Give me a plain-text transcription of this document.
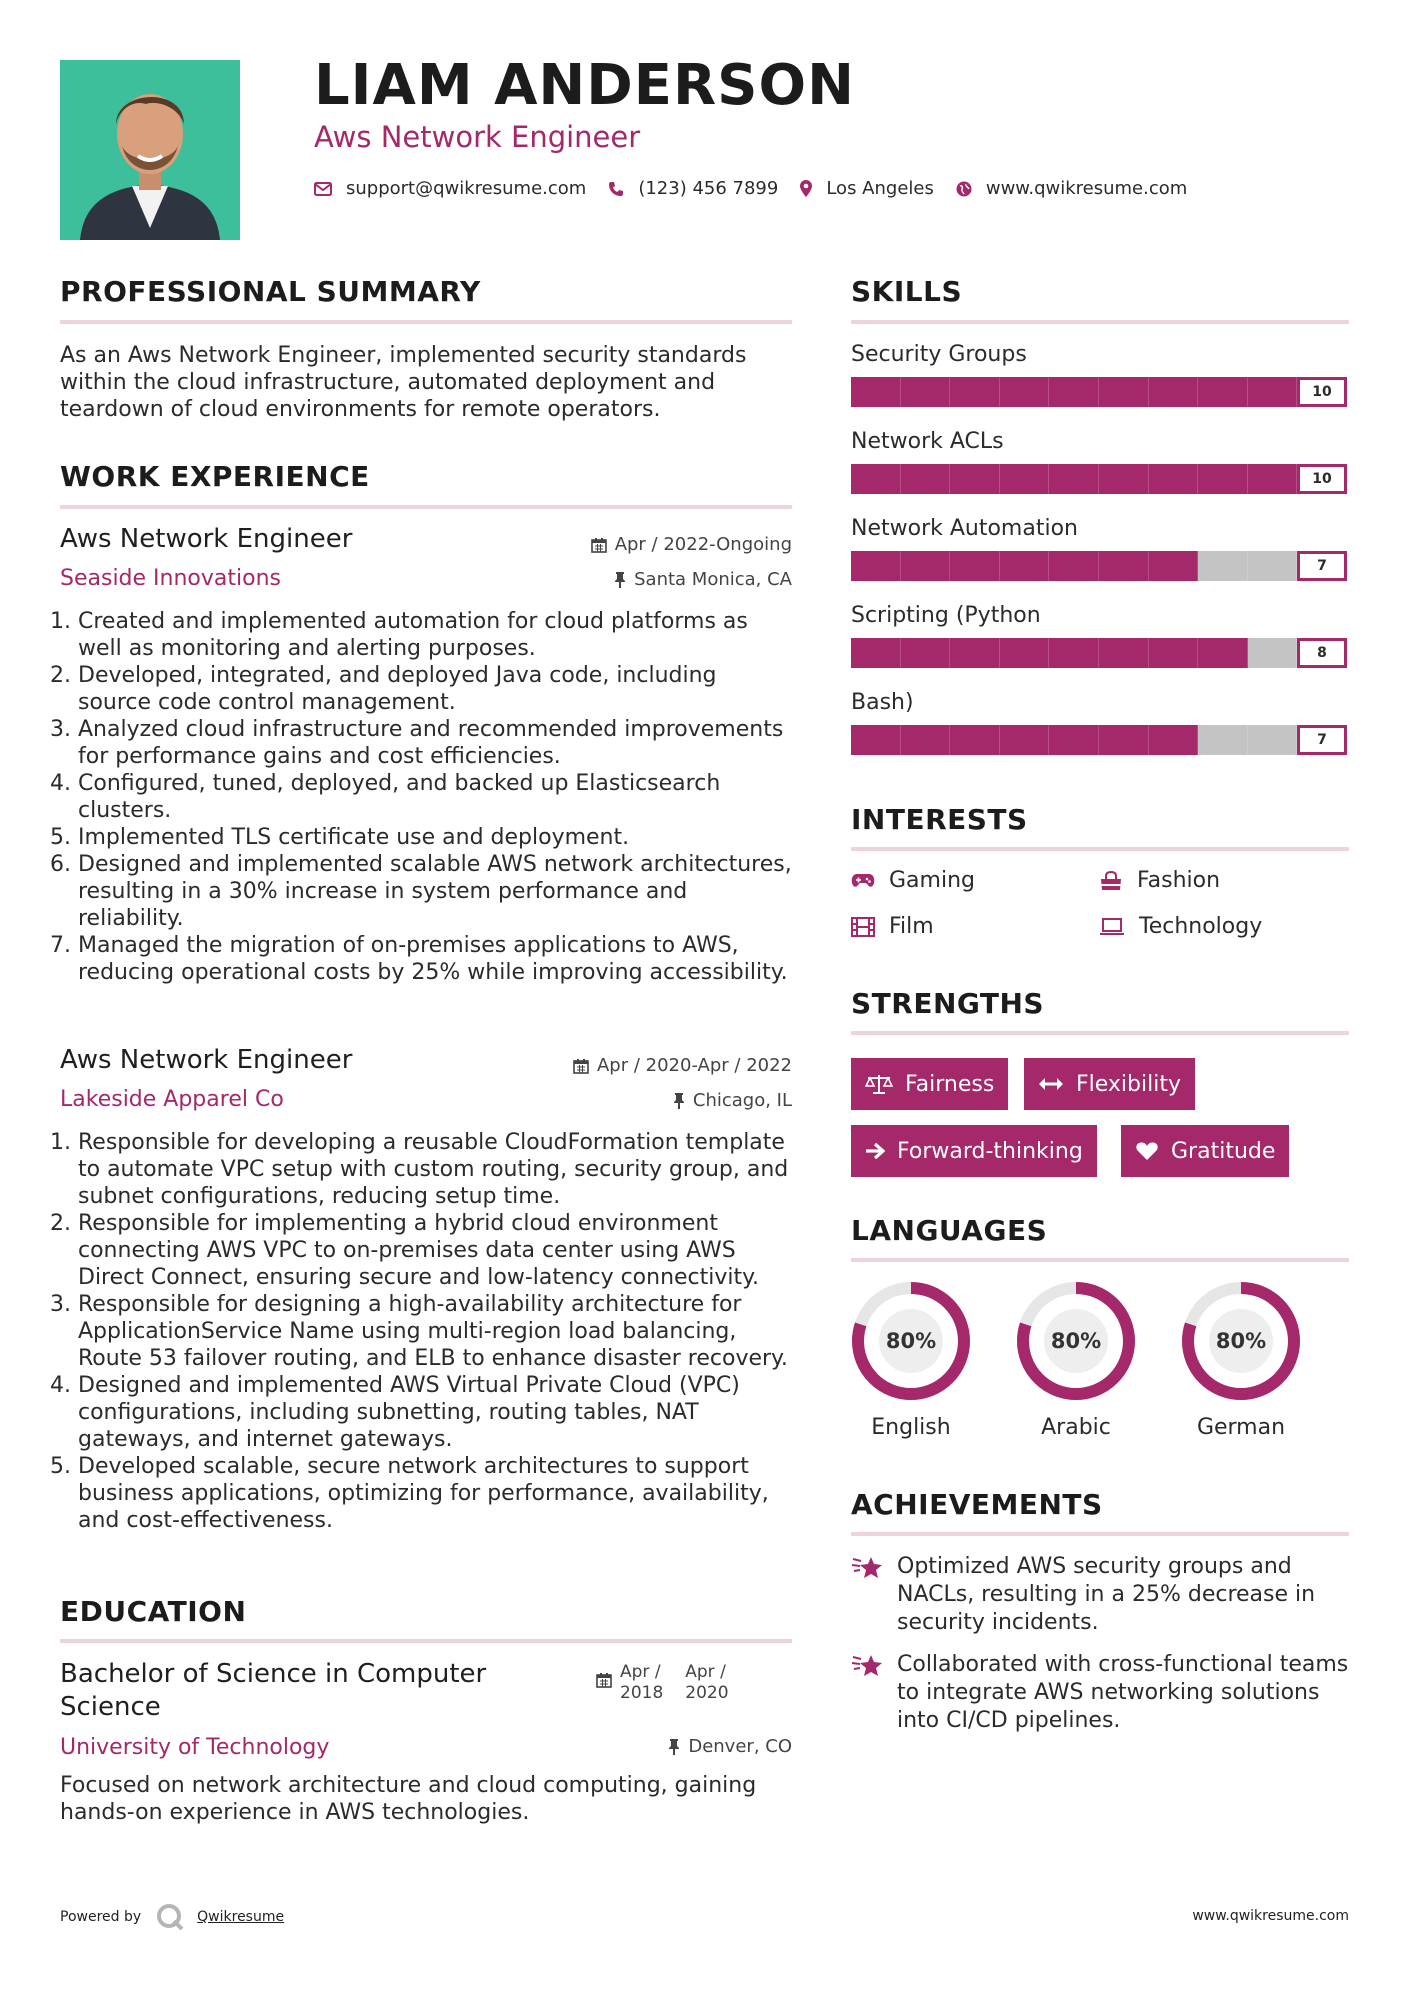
LIAM ANDERSON
Aws Network Engineer
support@qwikresume.com	(123) 456 7899	Los Angeles	www.qwikresume.com
PROFESSIONAL SUMMARY
As an Aws Network Engineer, implemented security standards within the cloud infrastructure, automated deployment and teardown of cloud environments for remote operators.
WORK EXPERIENCE
Aws Network Engineer
Seaside Innovations
Apr / 2022-Ongoing
Santa Monica, CA
1. Created and implemented automation for cloud platforms as well as monitoring and alerting purposes.
2. Developed, integrated, and deployed Java code, including source code control management.
3. Analyzed cloud infrastructure and recommended improvements for performance gains and cost efficiencies.
4. Configured, tuned, deployed, and backed up Elasticsearch clusters.
5. Implemented TLS certificate use and deployment.
6. Designed and implemented scalable AWS network architectures, resulting in a 30% increase in system performance and reliability.
7. Managed the migration of on-premises applications to AWS, reducing operational costs by 25% while improving accessibility.
Aws Network Engineer
Lakeside Apparel Co
Apr / 2020-Apr / 2022
Chicago, IL
1. Responsible for developing a reusable CloudFormation template to automate VPC setup with custom routing, security group, and subnet configurations, reducing setup time.
2. Responsible for implementing a hybrid cloud environment connecting AWS VPC to on-premises data center using AWS Direct Connect, ensuring secure and low-latency connectivity.
3. Responsible for designing a high-availability architecture for ApplicationService Name using multi-region load balancing, Route 53 failover routing, and ELB to enhance disaster recovery.
4. Designed and implemented AWS Virtual Private Cloud (VPC) configurations, including subnetting, routing tables, NAT gateways, and internet gateways.
5. Developed scalable, secure network architectures to support business applications, optimizing for performance, availability, and cost-effectiveness.
EDUCATION
Bachelor of Science in Computer Science
Apr /
2018
Apr /
2020
University of Technology	Denver, CO
Focused on network architecture and cloud computing, gaining hands-on experience in AWS technologies.
SKILLS
Security Groups
10
Network ACLs
10
Network Automation
7
Scripting (Python
8
Bash)
7
INTERESTS
Gaming	Fashion
Film	Technology
STRENGTHS
Fairness	Flexibility
Forward-thinking	Gratitude
LANGUAGES
80%
English
80%
Arabic
80%
German
ACHIEVEMENTS
Optimized AWS security groups and NACLs, resulting in a 25% decrease in security incidents.
Collaborated with cross-functional teams to integrate AWS networking solutions into CI/CD pipelines.
Powered by	Qwikresume	www.qwikresume.com
